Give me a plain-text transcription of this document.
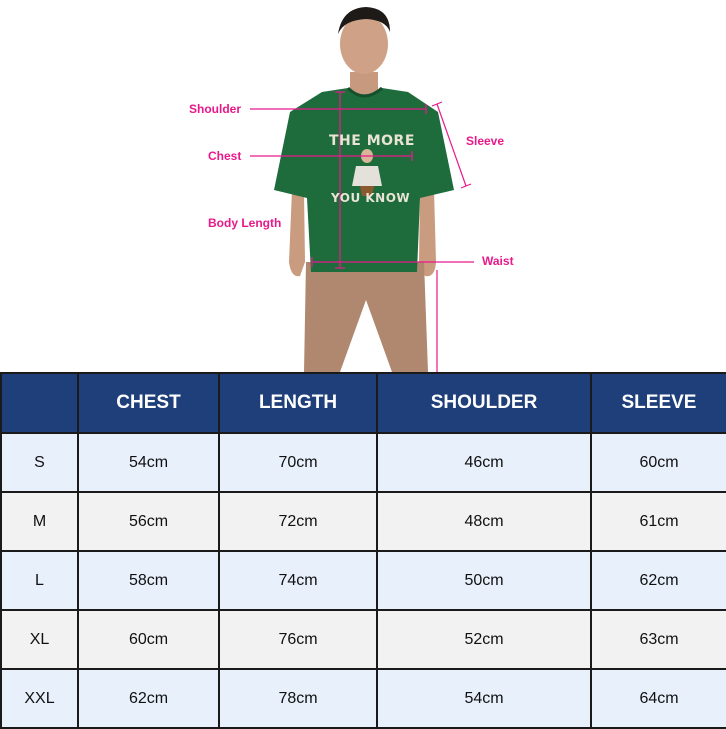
THE MORE
YOU KNOW
Shoulder
Chest
Body Length
Sleeve
Waist
	CHEST	LENGTH	SHOULDER	SLEEVE
S	54cm	70cm	46cm	60cm
M	56cm	72cm	48cm	61cm
L	58cm	74cm	50cm	62cm
XL	60cm	76cm	52cm	63cm
XXL	62cm	78cm	54cm	64cm
